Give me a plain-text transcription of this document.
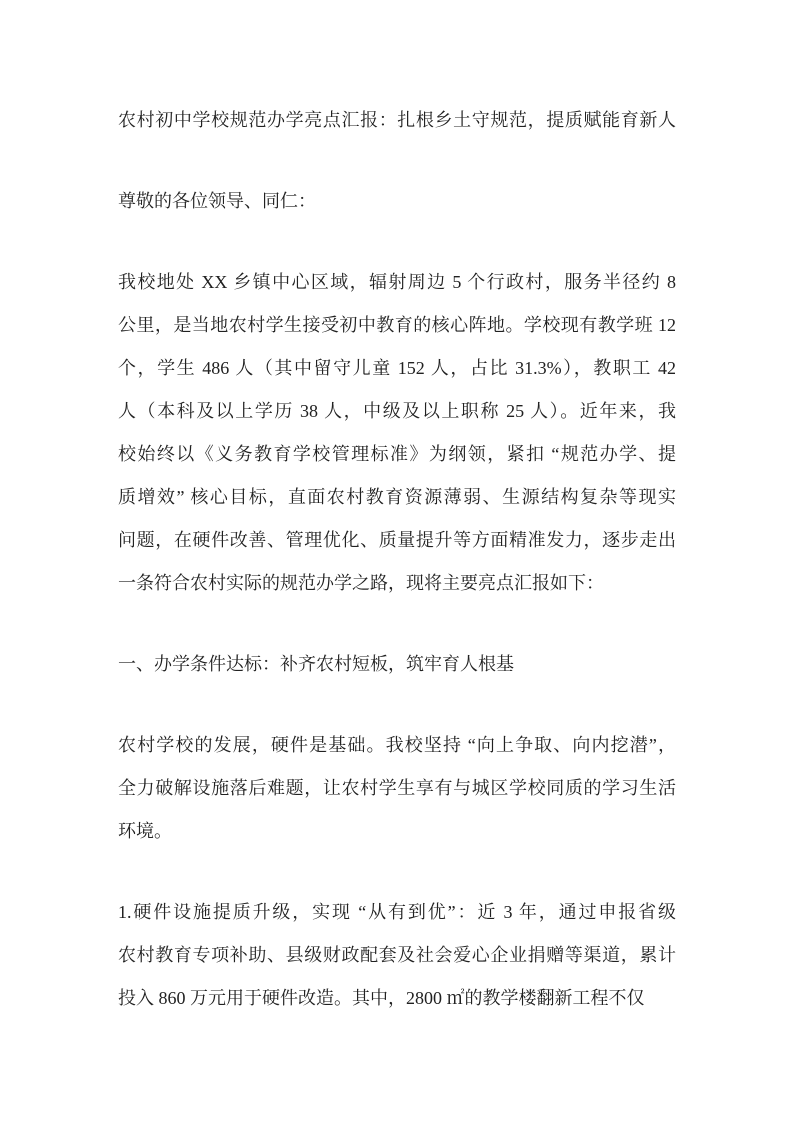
农村初中学校规范办学亮点汇报：扎根乡土守规范，提质赋能育新人
尊敬的各位领导、同仁：
我校地处 XX 乡镇中心区域，辐射周边 5 个行政村，服务半径约 8
公里，是当地农村学生接受初中教育的核心阵地。学校现有教学班 12
个，学生 486 人（其中留守儿童 152 人，占比 31.3%），教职工 42
人（本科及以上学历 38 人，中级及以上职称 25 人）。近年来，我
校始终以《义务教育学校管理标准》为纲领，紧扣 “规范办学、提
质增效” 核心目标，直面农村教育资源薄弱、生源结构复杂等现实
问题，在硬件改善、管理优化、质量提升等方面精准发力，逐步走出
一条符合农村实际的规范办学之路，现将主要亮点汇报如下：
一、办学条件达标：补齐农村短板，筑牢育人根基
农村学校的发展，硬件是基础。我校坚持 “向上争取、向内挖潜”，
全力破解设施落后难题，让农村学生享有与城区学校同质的学习生活
环境。
1.硬件设施提质升级，实现 “从有到优”：近 3 年，通过申报省级
农村教育专项补助、县级财政配套及社会爱心企业捐赠等渠道，累计
投入 860 万元用于硬件改造。其中，2800 ㎡的教学楼翻新工程不仅
